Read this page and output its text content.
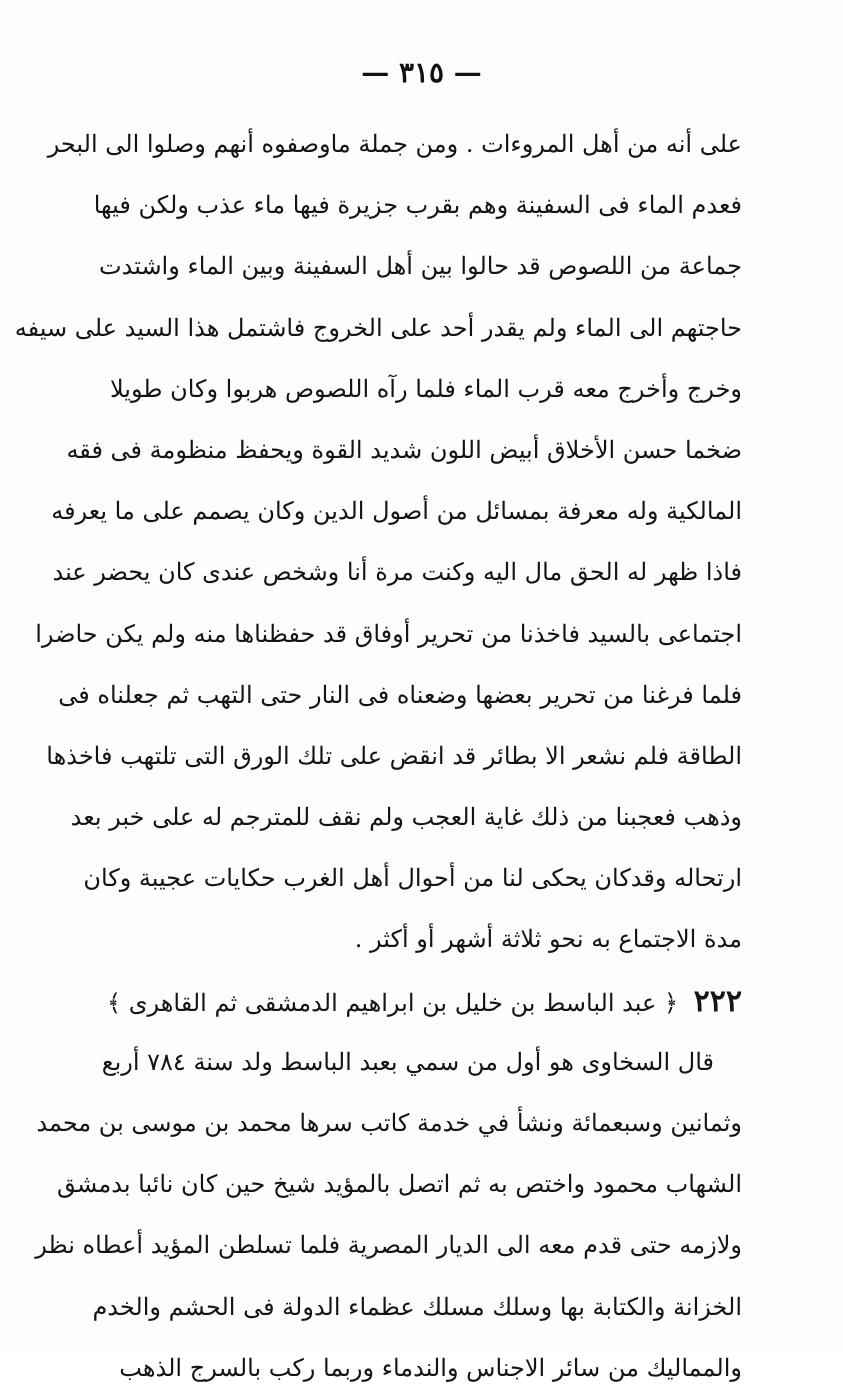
— ٣١٥ —
على أنه من أهل المروءات . ومن جملة ماوصفوه أنهم وصلوا الى البحر
فعدم الماء فى السفينة وهم بقرب جزيرة فيها ماء عذب ولكن فيها
جماعة من اللصوص قد حالوا بين أهل السفينة وبين الماء واشتدت
حاجتهم الى الماء ولم يقدر أحد على الخروج فاشتمل هذا السيد على سيفه
وخرج وأخرج معه قرب الماء فلما رآه اللصوص هربوا وكان طويلا
ضخما حسن الأخلاق أبيض اللون شديد القوة ويحفظ منظومة فى فقه
المالكية وله معرفة بمسائل من أصول الدين وكان يصمم على ما يعرفه
فاذا ظهر له الحق مال اليه وكنت مرة أنا وشخص عندى كان يحضر عند
اجتماعى بالسيد فاخذنا من تحرير أوفاق قد حفظناها منه ولم يكن حاضرا
فلما فرغنا من تحرير بعضها وضعناه فى النار حتى التهب ثم جعلناه فى
الطاقة فلم نشعر الا بطائر قد انقض على تلك الورق التى تلتهب فاخذها
وذهب فعجبنا من ذلك غاية العجب ولم نقف للمترجم له على خبر بعد
ارتحاله وقدكان يحكى لنا من أحوال أهل الغرب حكايات عجيبة وكان
مدة الاجتماع به نحو ثلاثة أشهر أو أكثر .
٢٢٢ ﴿ عبد الباسط بن خليل بن ابراهيم الدمشقى ثم القاهرى ﴾
قال السخاوى هو أول من سمي بعبد الباسط ولد سنة ٧٨٤ أربع
وثمانين وسبعمائة ونشأ في خدمة كاتب سرها محمد بن موسى بن محمد
الشهاب محمود واختص به ثم اتصل بالمؤيد شيخ حين كان نائبا بدمشق
ولازمه حتى قدم معه الى الديار المصرية فلما تسلطن المؤيد أعطاه نظر
الخزانة والكتابة بها وسلك مسلك عظماء الدولة فى الحشم والخدم
والمماليك من سائر الاجناس والندماء وربما ركب بالسرج الذهب
